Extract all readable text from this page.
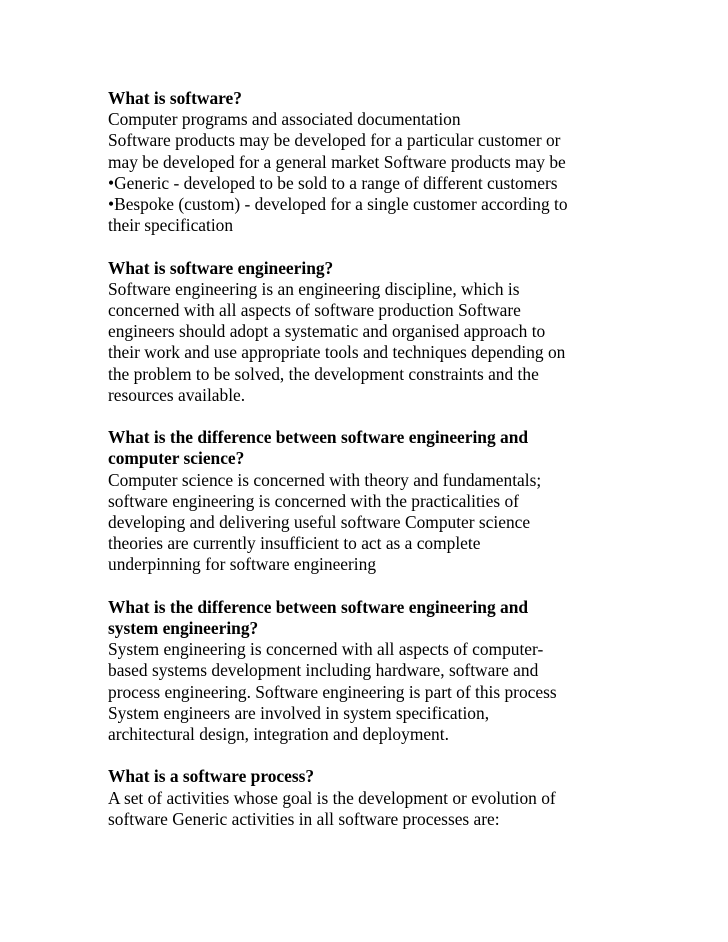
What is software?
Computer programs and associated documentation
Software products may be developed for a particular customer or
may be developed for a general market Software products may be
•Generic - developed to be sold to a range of different customers
•Bespoke (custom) - developed for a single customer according to
their specification
What is software engineering?
Software engineering is an engineering discipline, which is
concerned with all aspects of software production Software
engineers should adopt a systematic and organised approach to
their work and use appropriate tools and techniques depending on
the problem to be solved, the development constraints and the
resources available.
What is the difference between software engineering and
computer science?
Computer science is concerned with theory and fundamentals;
software engineering is concerned with the practicalities of
developing and delivering useful software Computer science
theories are currently insufficient to act as a complete
underpinning for software engineering
What is the difference between software engineering and
system engineering?
System engineering is concerned with all aspects of computer-
based systems development including hardware, software and
process engineering. Software engineering is part of this process
System engineers are involved in system specification,
architectural design, integration and deployment.
What is a software process?
A set of activities whose goal is the development or evolution of
software Generic activities in all software processes are:
